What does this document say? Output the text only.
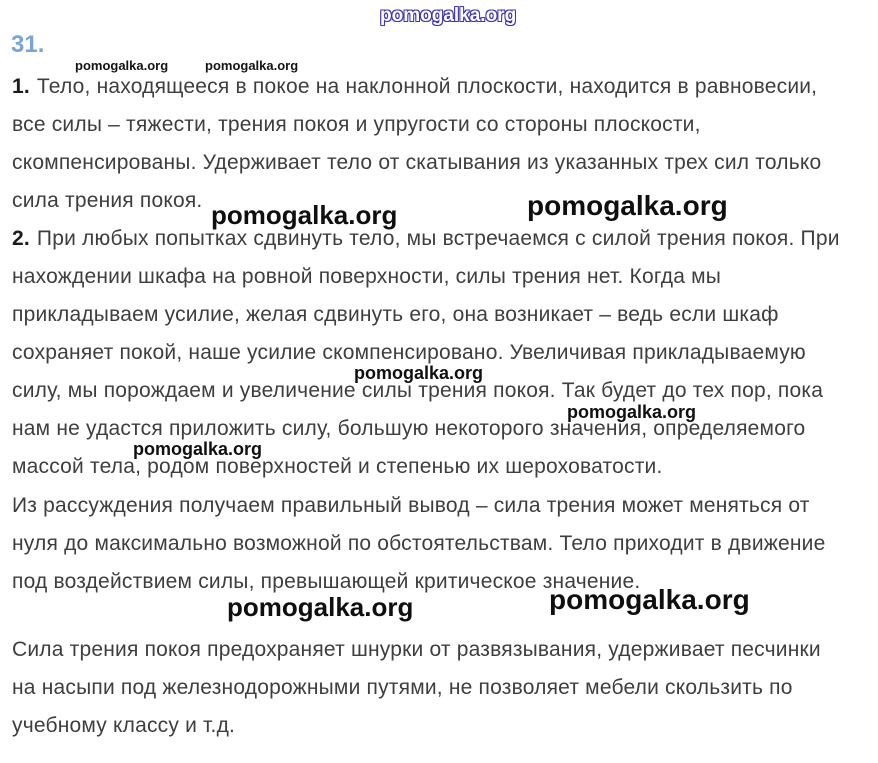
pomogalka.org
pomogalka.org	pomogalka.org
pomogalka.org	pomogalka.org
pomogalka.org
pomogalka.org
pomogalka.org
pomogalka.org	pomogalka.org
31.
1. Тело, находящееся в покое на наклонной плоскости, находится в равновесии,
все силы – тяжести, трения покоя и упругости со стороны плоскости,
скомпенсированы. Удерживает тело от скатывания из указанных трех сил только
сила трения покоя.
2. При любых попытках сдвинуть тело, мы встречаемся с силой трения покоя. При
нахождении шкафа на ровной поверхности, силы трения нет. Когда мы
прикладываем усилие, желая сдвинуть его, она возникает – ведь если шкаф
сохраняет покой, наше усилие скомпенсировано. Увеличивая прикладываемую
силу, мы порождаем и увеличение силы трения покоя. Так будет до тех пор, пока
нам не удастся приложить силу, большую некоторого значения, определяемого
массой тела, родом поверхностей и степенью их шероховатости.
Из рассуждения получаем правильный вывод – сила трения может меняться от
нуля до максимально возможной по обстоятельствам. Тело приходит в движение
под воздействием силы, превышающей критическое значение.
Сила трения покоя предохраняет шнурки от развязывания, удерживает песчинки
на насыпи под железнодорожными путями, не позволяет мебели скользить по
учебному классу и т.д.
